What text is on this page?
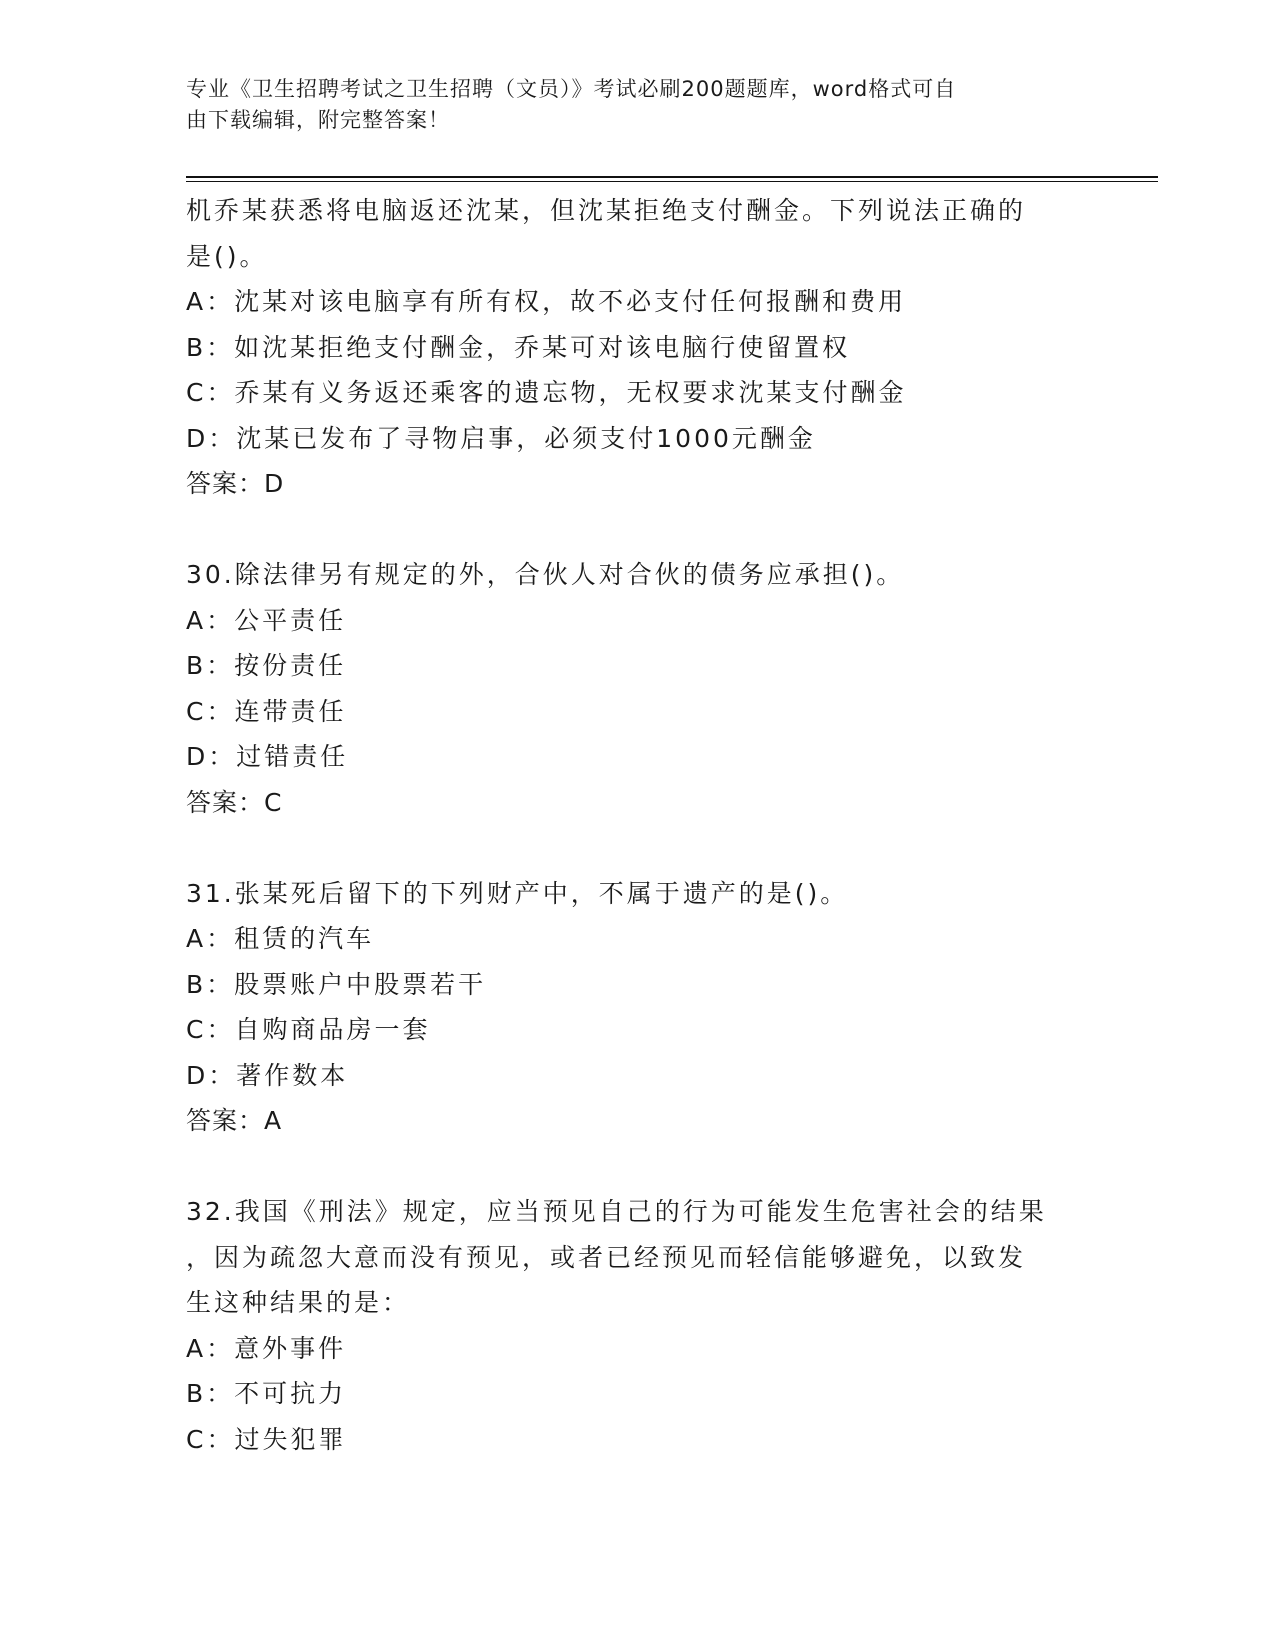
专业《卫生招聘考试之卫生招聘（文员）》考试必刷200题题库，word格式可自
由下载编辑，附完整答案！

机乔某获悉将电脑返还沈某，但沈某拒绝支付酬金。下列说法正确的

是()。

A：沈某对该电脑享有所有权，故不必支付任何报酬和费用

B：如沈某拒绝支付酬金，乔某可对该电脑行使留置权

C：乔某有义务返还乘客的遗忘物，无权要求沈某支付酬金

D：沈某已发布了寻物启事，必须支付1000元酬金

答案：D

30.除法律另有规定的外，合伙人对合伙的债务应承担()。

A：公平责任

B：按份责任

C：连带责任

D：过错责任

答案：C

31.张某死后留下的下列财产中，不属于遗产的是()。

A：租赁的汽车

B：股票账户中股票若干

C：自购商品房一套

D：著作数本

答案：A

32.我国《刑法》规定，应当预见自己的行为可能发生危害社会的结果

，因为疏忽大意而没有预见，或者已经预见而轻信能够避免，以致发

生这种结果的是：

A：意外事件

B：不可抗力

C：过失犯罪
